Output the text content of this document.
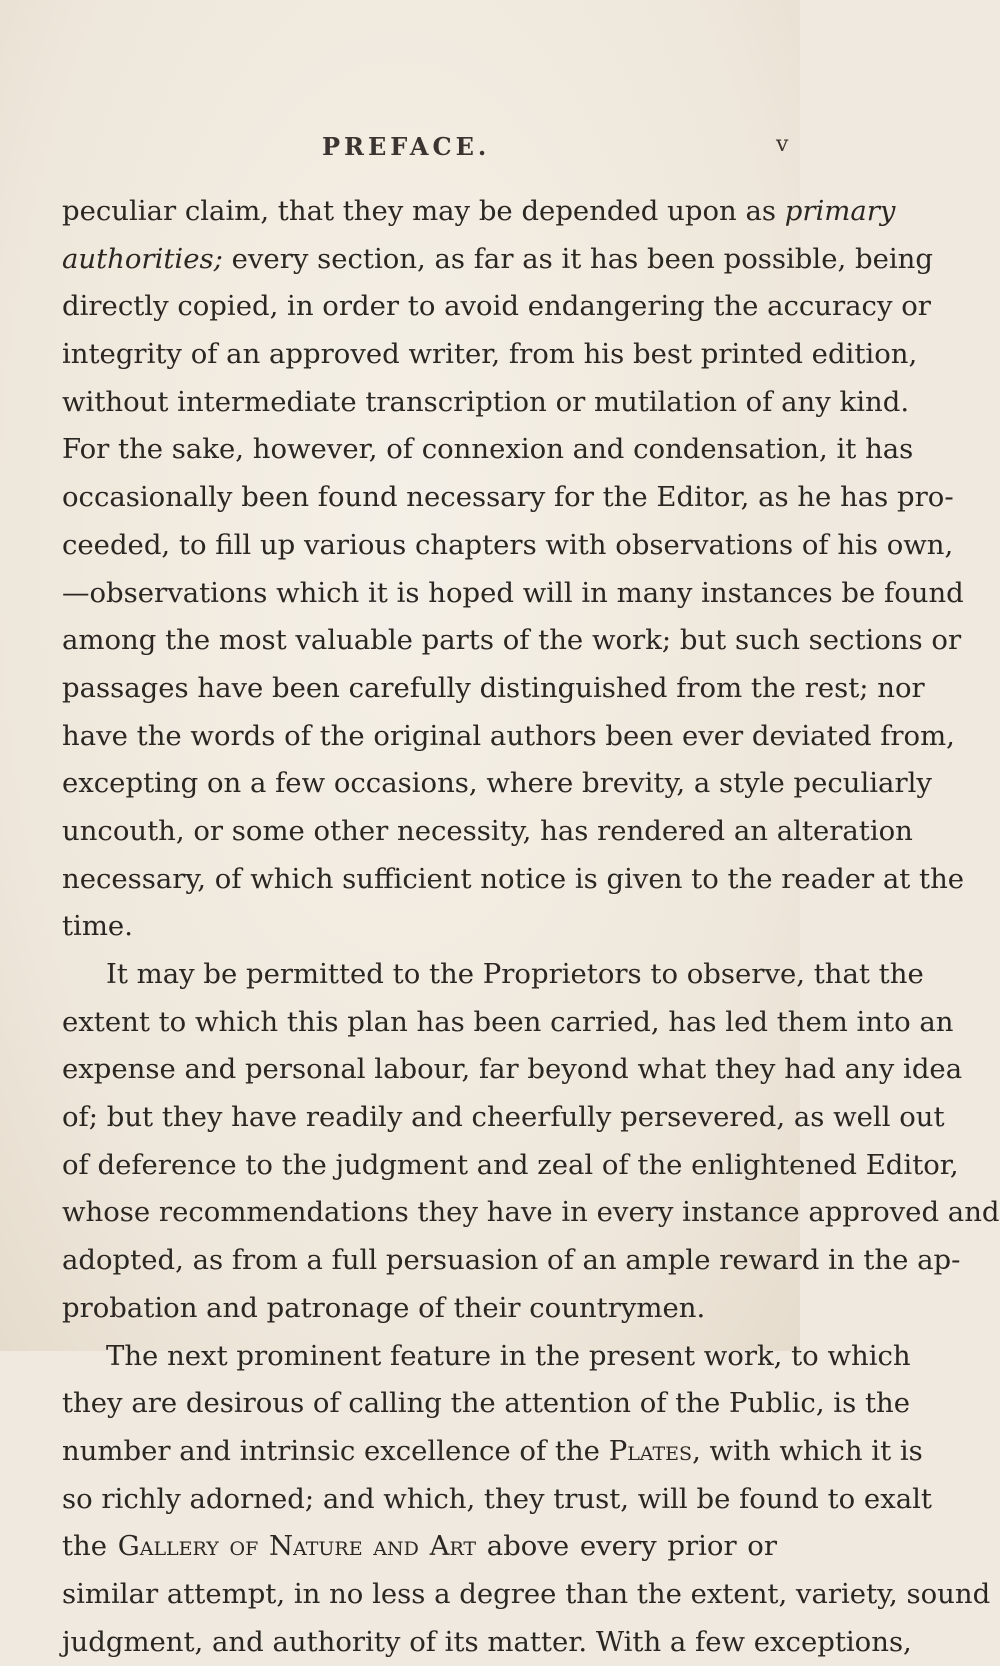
PREFACE.	v
peculiar claim, that they may be depended upon as primary
authorities; every section, as far as it has been possible, being
directly copied, in order to avoid endangering the accuracy or
integrity of an approved writer, from his best printed edition,
without intermediate transcription or mutilation of any kind.
For the sake, however, of connexion and condensation, it has
occasionally been found necessary for the Editor, as he has pro-
ceeded, to fill up various chapters with observations of his own,
—observations which it is hoped will in many instances be found
among the most valuable parts of the work; but such sections or
passages have been carefully distinguished from the rest; nor
have the words of the original authors been ever deviated from,
excepting on a few occasions, where brevity, a style peculiarly
uncouth, or some other necessity, has rendered an alteration
necessary, of which sufficient notice is given to the reader at the
time.
It may be permitted to the Proprietors to observe, that the
extent to which this plan has been carried, has led them into an
expense and personal labour, far beyond what they had any idea
of; but they have readily and cheerfully persevered, as well out
of deference to the judgment and zeal of the enlightened Editor,
whose recommendations they have in every instance approved and
adopted, as from a full persuasion of an ample reward in the ap-
probation and patronage of their countrymen.
The next prominent feature in the present work, to which
they are desirous of calling the attention of the Public, is the
number and intrinsic excellence of the Plates, with which it is
so richly adorned; and which, they trust, will be found to exalt
the Gallery of Nature and Art above every prior or
similar attempt, in no less a degree than the extent, variety, sound
judgment, and authority of its matter. With a few exceptions,
